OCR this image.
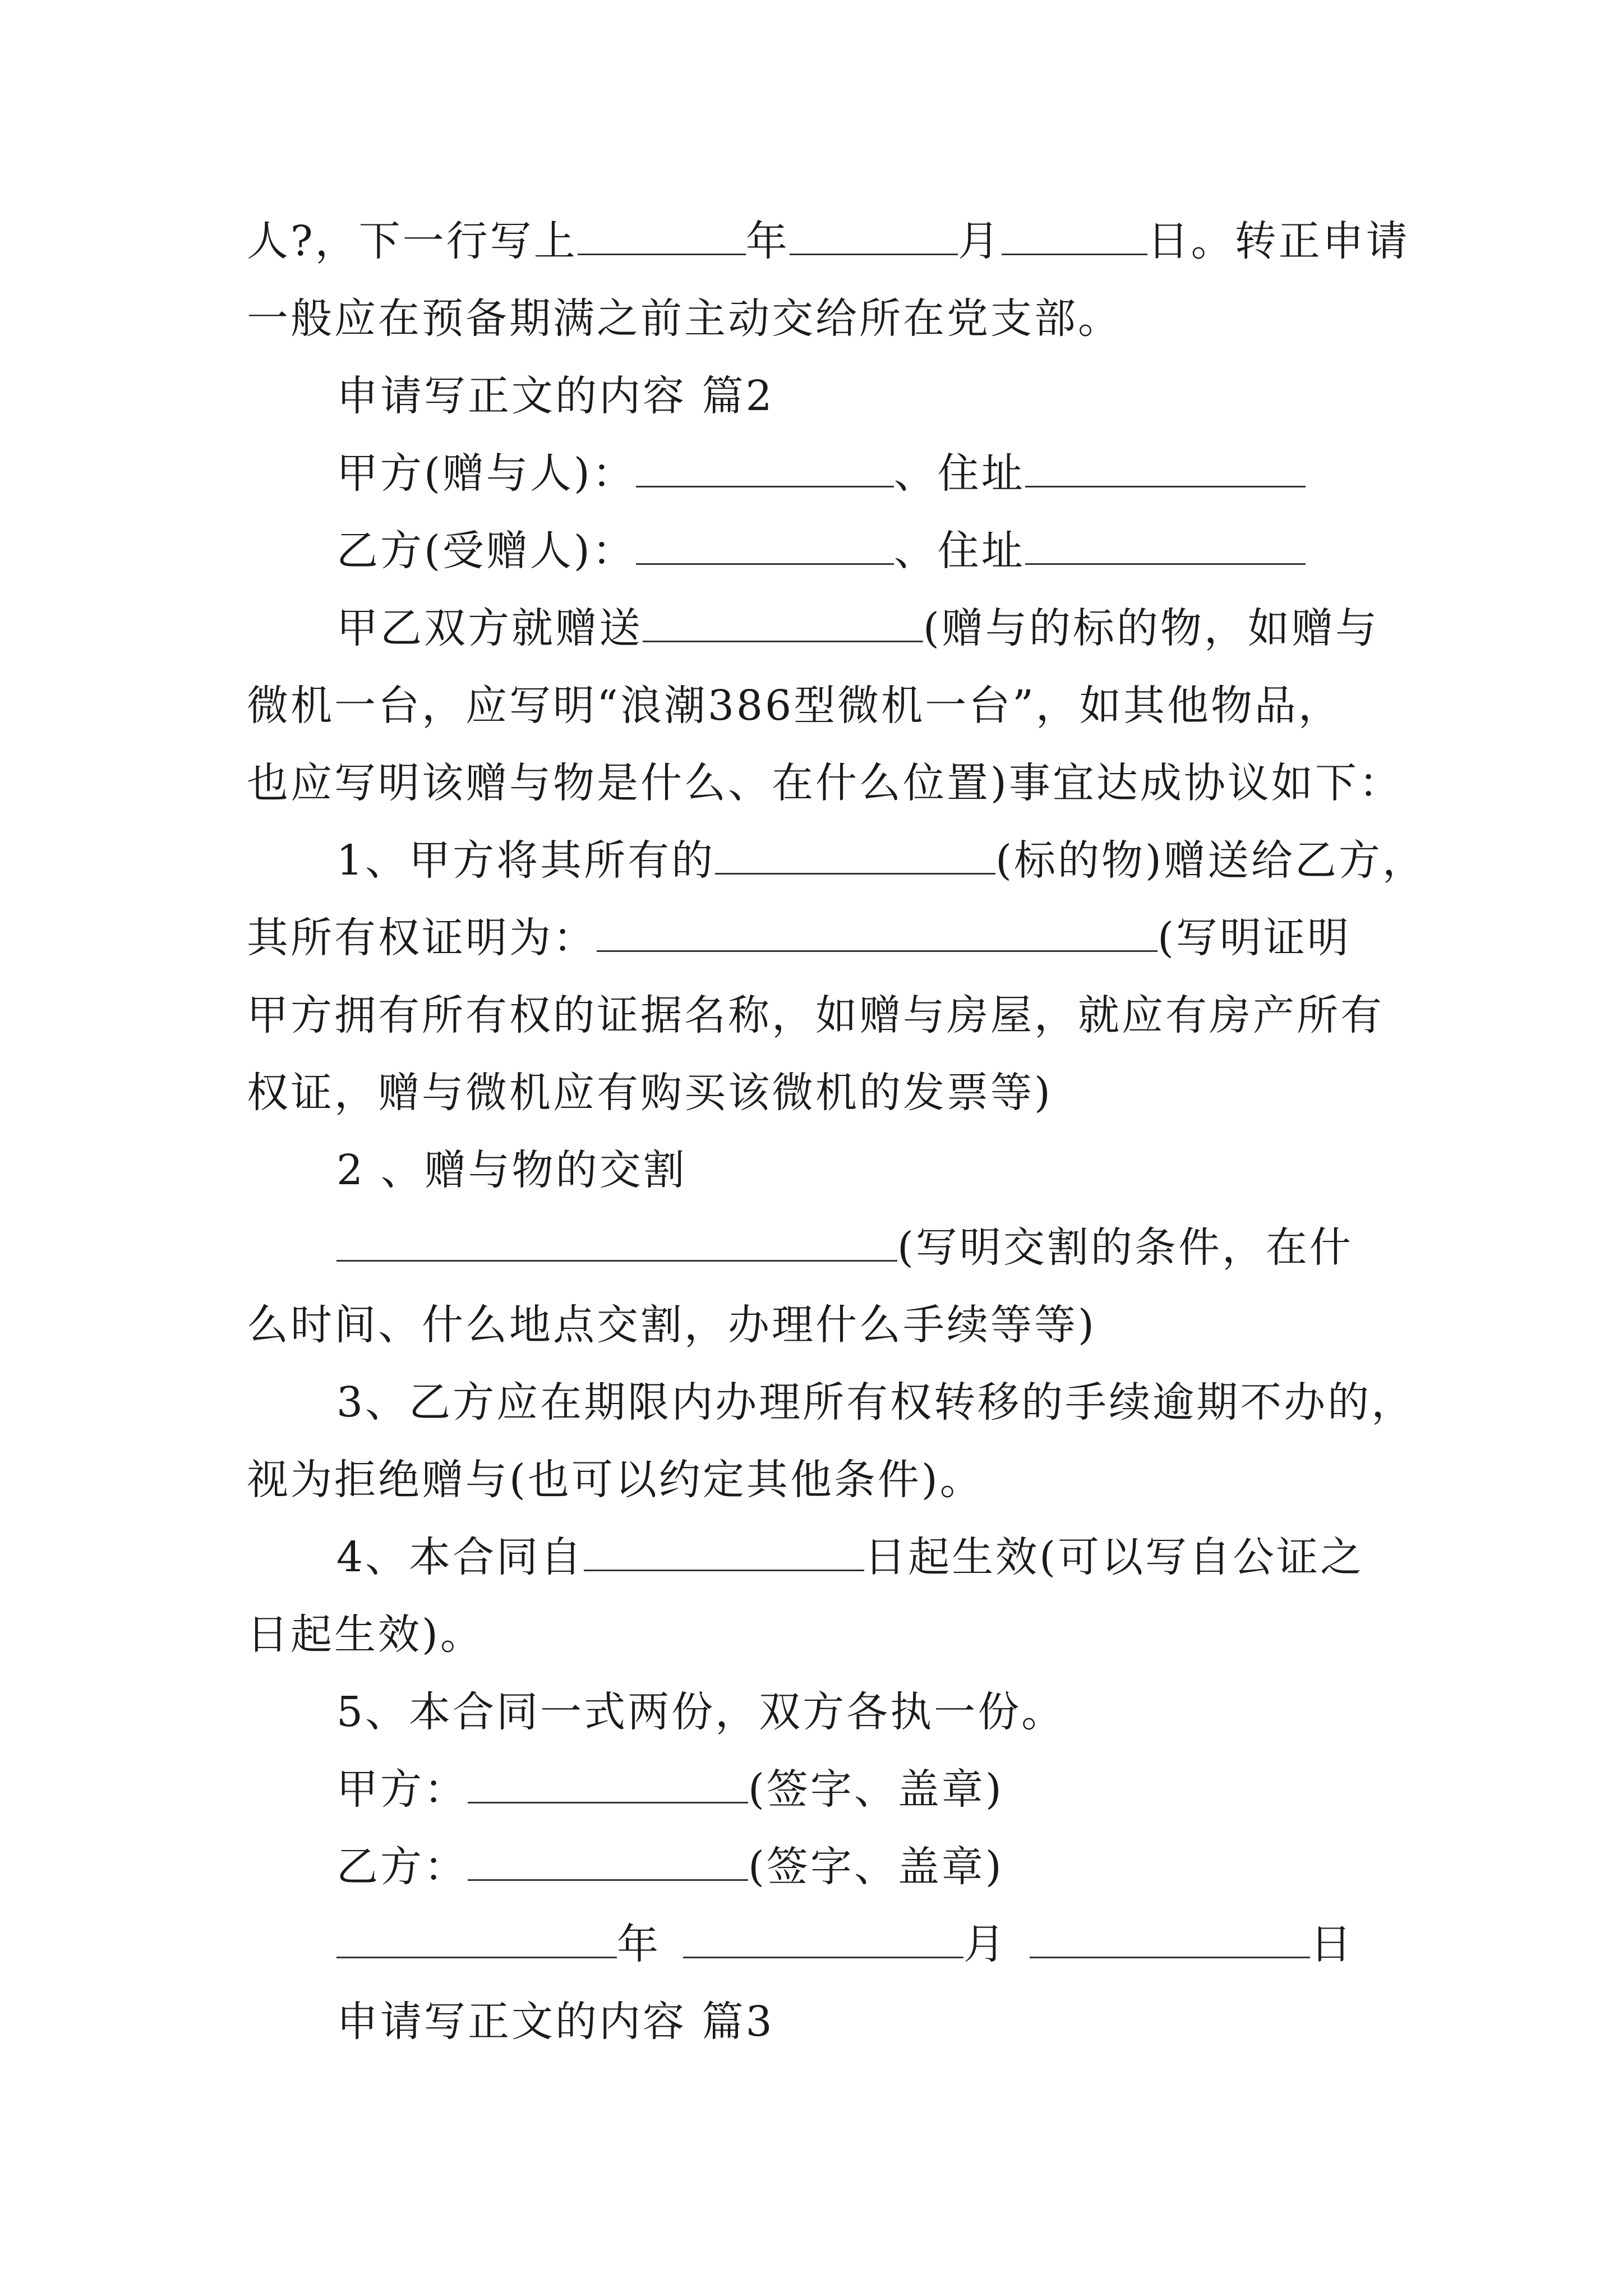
人?，下一行写上	年	月	日。转正申请
一般应在预备期满之前主动交给所在党支部。
申请写正文的内容 篇2
甲方(赠与人)：	、住址
乙方(受赠人)：	、住址
甲乙双方就赠送	(赠与的标的物，如赠与
微机一台，应写明“浪潮386型微机一台”，如其他物品，
也应写明该赠与物是什么、在什么位置)事宜达成协议如下：
1、甲方将其所有的	(标的物)赠送给乙方，
其所有权证明为：	(写明证明
甲方拥有所有权的证据名称，如赠与房屋，就应有房产所有
权证，赠与微机应有购买该微机的发票等)
2 、赠与物的交割
(写明交割的条件，在什
么时间、什么地点交割，办理什么手续等等)
3、乙方应在期限内办理所有权转移的手续逾期不办的，
视为拒绝赠与(也可以约定其他条件)。
4、本合同自	日起生效(可以写自公证之
日起生效)。
5、本合同一式两份，双方各执一份。
甲方：	(签字、盖章)
乙方：	(签字、盖章)
年	月	日
申请写正文的内容 篇3
